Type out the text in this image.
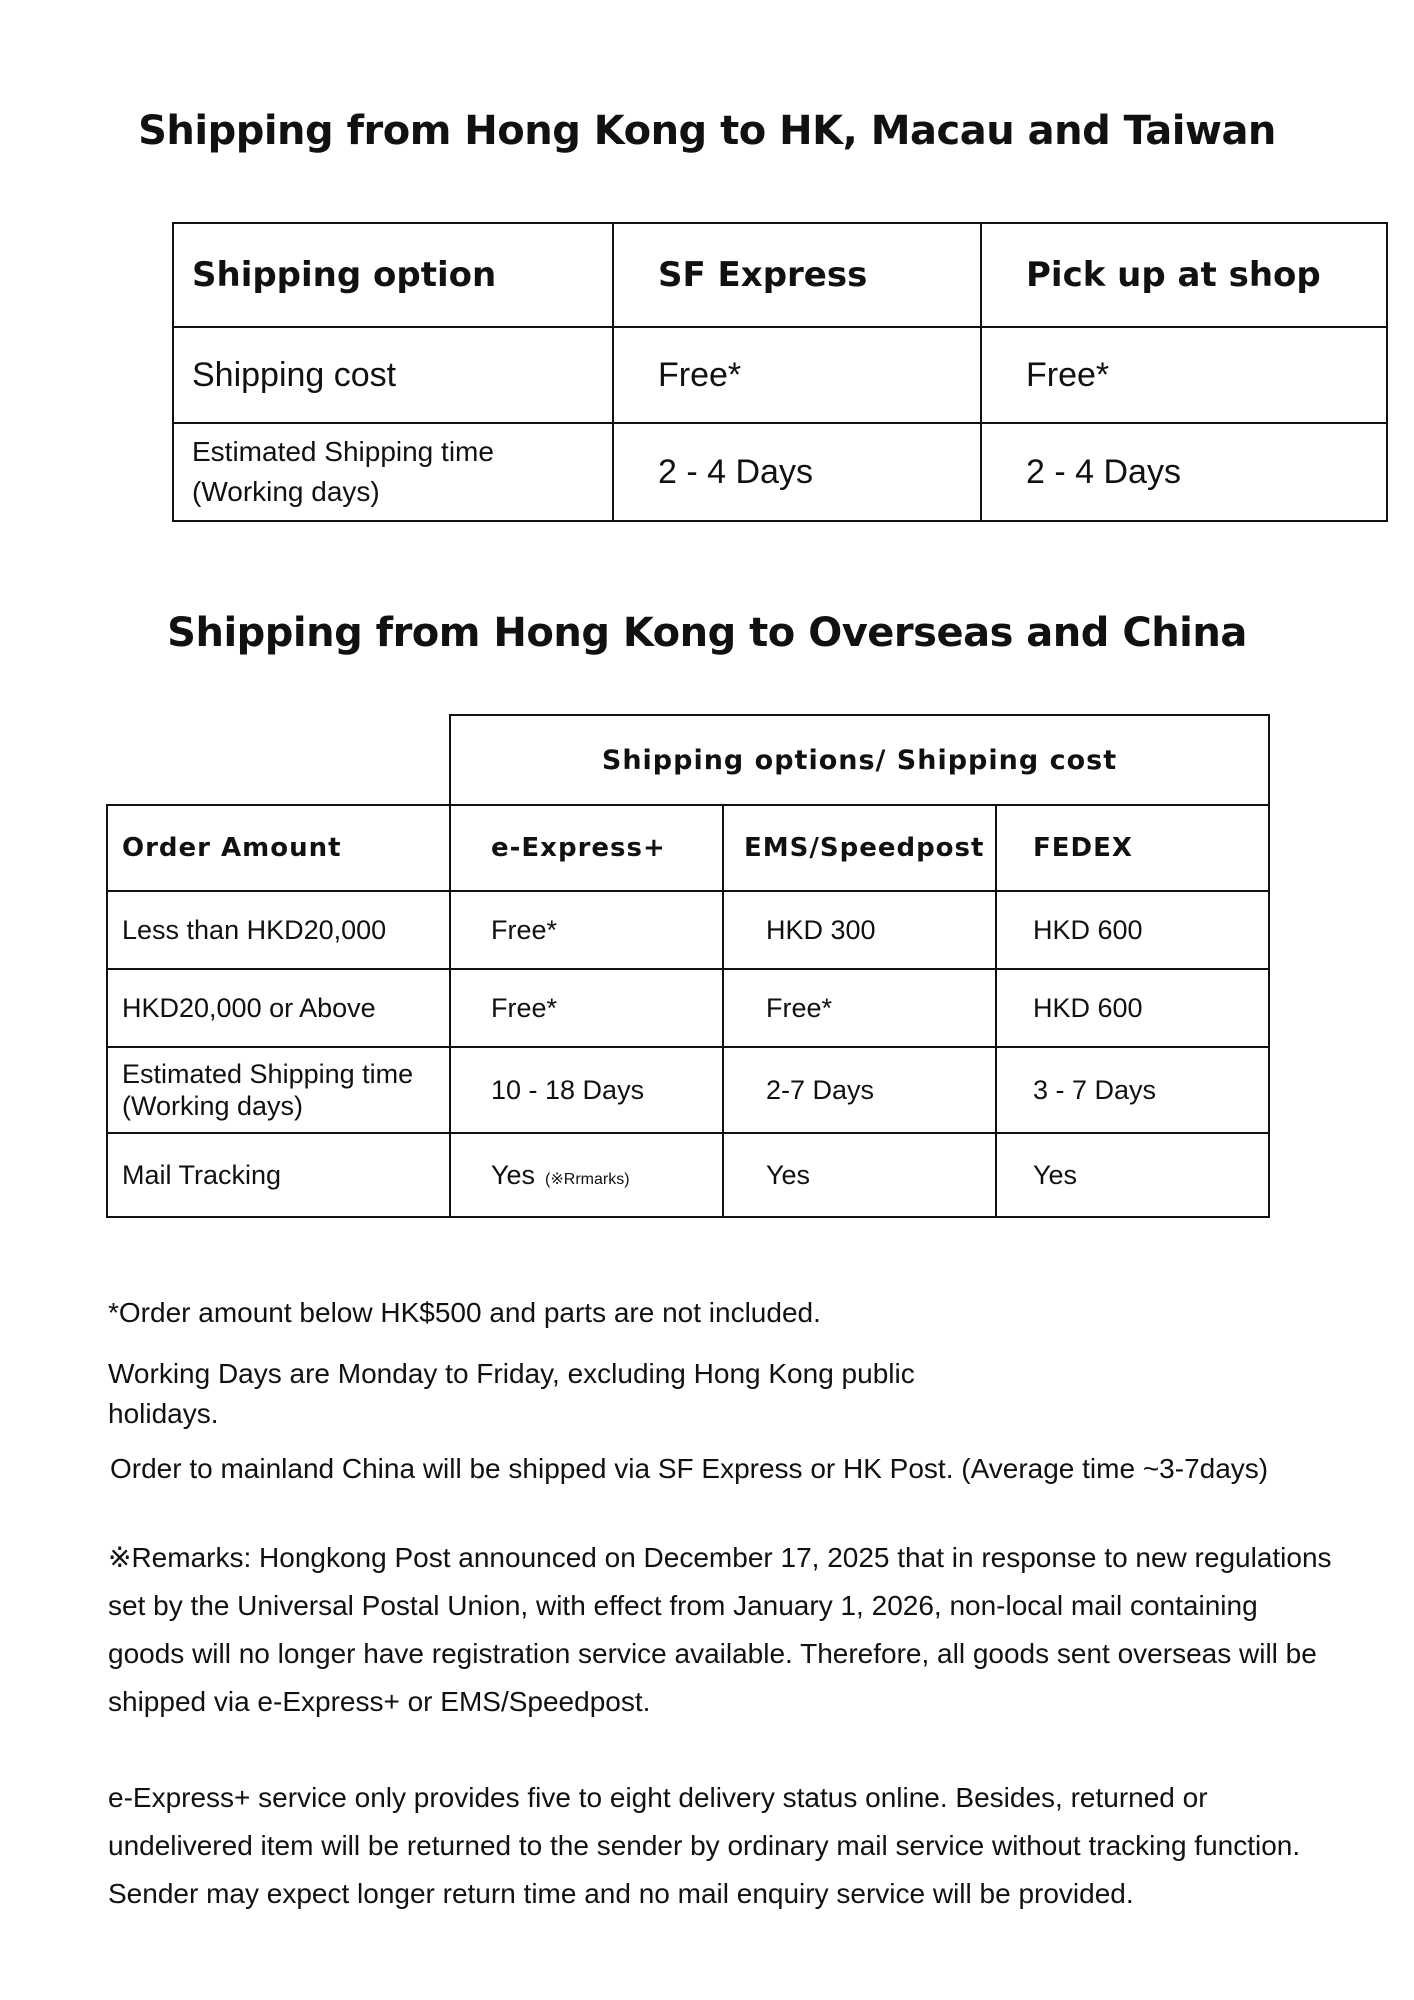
Shipping from Hong Kong to HK, Macau and Taiwan
Shipping option	SF Express	Pick up at shop
Shipping cost	Free*	Free*

Estimated Shipping time
(Working days)	2 - 4 Days	2 - 4 Days
Shipping from Hong Kong to Overseas and China
	Shipping options/ Shipping cost		
Order Amount	e-Express+	EMS/Speedpost	FEDEX
Less than HKD20,000	Free*	HKD 300	HKD 600
HKD20,000 or Above	Free*	Free*	HKD 600

Estimated Shipping time
(Working days)	10 - 18 Days	2-7 Days	3 - 7 Days
Mail Tracking	Yes (※Rrmarks)	Yes	Yes

*Order amount below HK$500 and parts are not included.

Working Days are Monday to Friday, excluding Hong Kong public holidays.

Order to mainland China will be shipped via SF Express or HK Post. (Average time ~3-7days)

※Remarks: Hongkong Post announced on December 17, 2025 that in response to new regulations set by the Universal Postal Union, with effect from January 1, 2026, non-local mail containing goods will no longer have registration service available. Therefore, all goods sent overseas will be shipped via e-Express+ or EMS/Speedpost.

e-Express+ service only provides five to eight delivery status online. Besides, returned or undelivered item will be returned to the sender by ordinary mail service without tracking function. Sender may expect longer return time and no mail enquiry service will be provided.
